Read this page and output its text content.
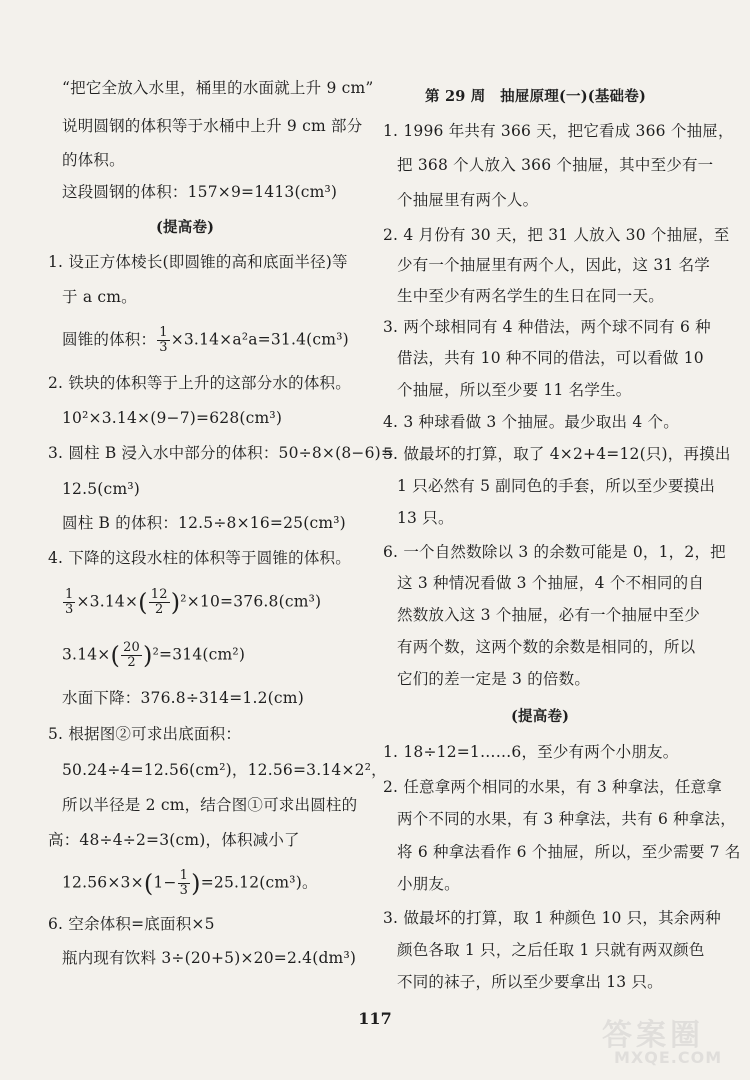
“把它全放入水里，桶里的水面就上升 9 cm”
说明圆钢的体积等于水桶中上升 9 cm 部分
的体积。
这段圆钢的体积：157×9=1413(cm³)
(提高卷)
1. 设正方体棱长(即圆锥的高和底面半径)等
于 a cm。
圆锥的体积： $\frac{1}{3} \times 3.14\times a^2a=31.4(cm^3)$
2. 铁块的体积等于上升的这部分水的体积。
10²×3.14×(9−7)=628(cm³)
3. 圆柱 B 浸入水中部分的体积：50÷8×(8−6)=
12.5(cm³)
圆柱 B 的体积：12.5÷8×16=25(cm³)
4. 下降的这段水柱的体积等于圆锥的体积。
$\frac{1}{3} \times 3.14\times( \frac{12}{2} )^2\times 10=376.8(cm^3)$
$3.14\times( \frac{20}{2} )^2=314(cm^2)$
水面下降：376.8÷314=1.2(cm)
5. 根据图②可求出底面积：
50.24÷4=12.56(cm²)，12.56=3.14×2²，
所以半径是 2 cm，结合图①可求出圆柱的
高：48÷4÷2=3(cm)，体积减小了
$12.56\times 3\times(1- \frac{1}{3} )=25.12(cm^3)$。
6. 空余体积=底面积×5
瓶内现有饮料 3÷(20+5)×20=2.4(dm³)
第 29 周　抽屉原理(一)(基础卷)
1. 1996 年共有 366 天，把它看成 366 个抽屉，
把 368 个人放入 366 个抽屉，其中至少有一
个抽屉里有两个人。
2. 4 月份有 30 天，把 31 人放入 30 个抽屉，至
少有一个抽屉里有两个人，因此，这 31 名学
生中至少有两名学生的生日在同一天。
3. 两个球相同有 4 种借法，两个球不同有 6 种
借法，共有 10 种不同的借法，可以看做 10
个抽屉，所以至少要 11 名学生。
4. 3 种球看做 3 个抽屉。最少取出 4 个。
5. 做最坏的打算，取了 4×2+4=12(只)，再摸出
1 只必然有 5 副同色的手套，所以至少要摸出
13 只。
6. 一个自然数除以 3 的余数可能是 0，1，2，把
这 3 种情况看做 3 个抽屉，4 个不相同的自
然数放入这 3 个抽屉，必有一个抽屉中至少
有两个数，这两个数的余数是相同的，所以
它们的差一定是 3 的倍数。
(提高卷)
1. 18÷12=1……6，至少有两个小朋友。
2. 任意拿两个相同的水果，有 3 种拿法，任意拿
两个不同的水果，有 3 种拿法，共有 6 种拿法，
将 6 种拿法看作 6 个抽屉，所以，至少需要 7 名
小朋友。
3. 做最坏的打算，取 1 种颜色 10 只，其余两种
颜色各取 1 只，之后任取 1 只就有两双颜色
不同的袜子，所以至少要拿出 13 只。
117	答案圈
MXQE.COM
